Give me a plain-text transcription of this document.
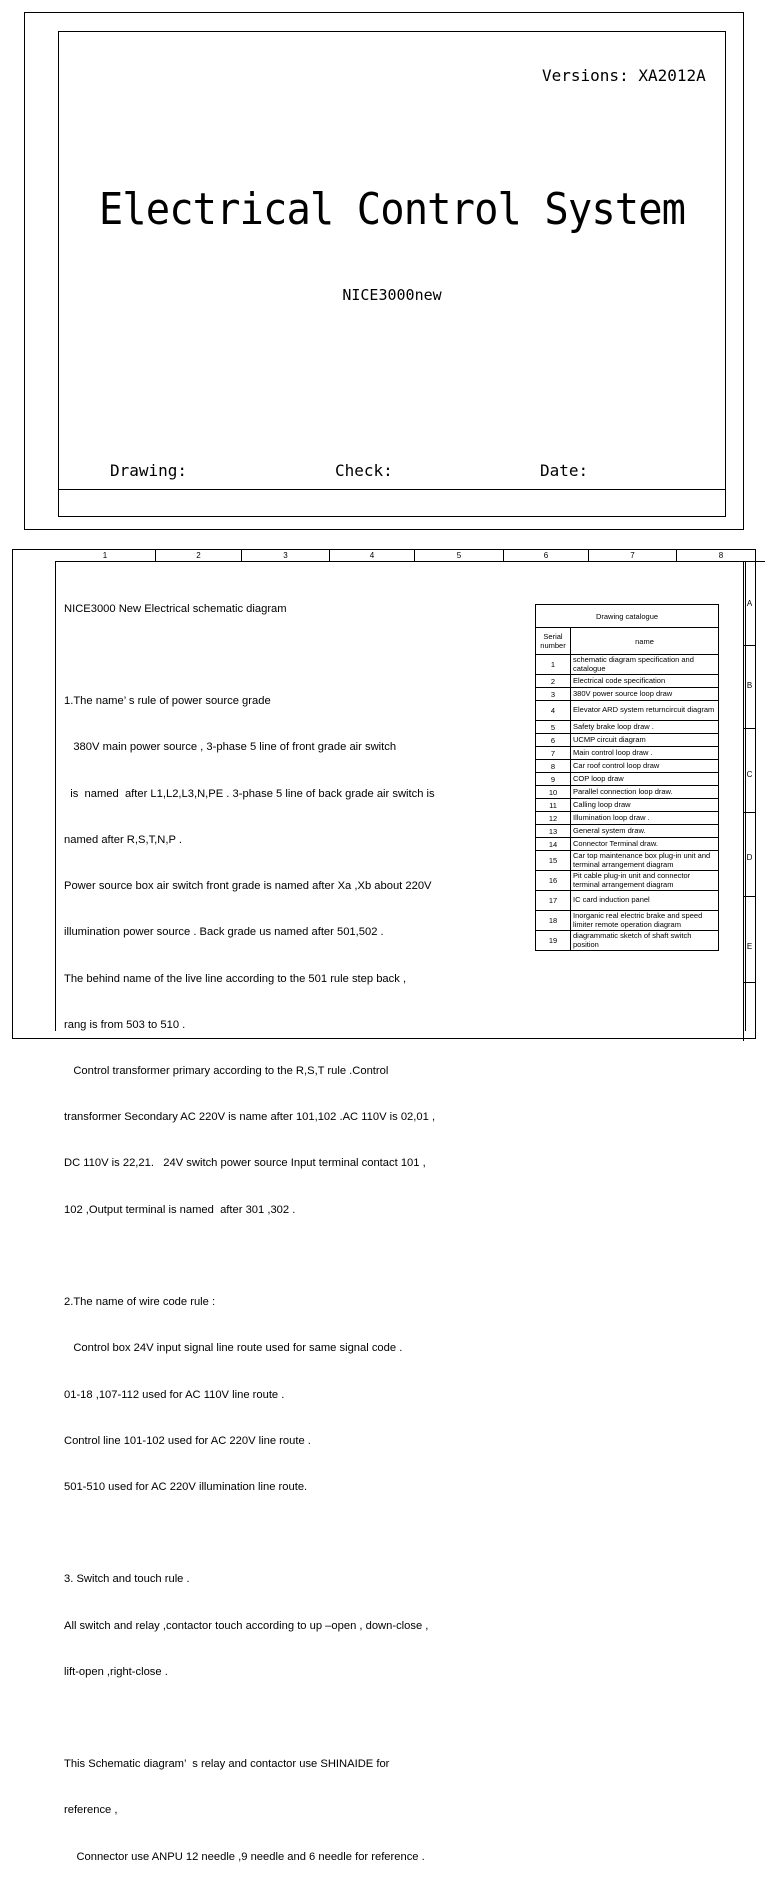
Versions: XA2012A
Electrical Control System
NICE3000new
Drawing:	Check:	Date:
1	2	3	4	5	6	7	8
A
B
C
D
E

NICE3000 New Electrical schematic diagram

1.The name’ s rule of power source grade

380V main power source , 3-phase 5 line of front grade air switch

is  named  after L1,L2,L3,N,PE . 3-phase 5 line of back grade air switch is

named after R,S,T,N,P .

Power source box air switch front grade is named after Xa ,Xb about 220V

illumination power source . Back grade us named after 501,502 .

The behind name of the live line according to the 501 rule step back ,

rang is from 503 to 510 .

Control transformer primary according to the R,S,T rule .Control

transformer Secondary AC 220V is name after 101,102 .AC 110V is 02,01 ,

DC 110V is 22,21.   24V switch power source Input terminal contact 101 ,

102 ,Output terminal is named  after 301 ,302 .

2.The name of wire code rule :

Control box 24V input signal line route used for same signal code .

01-18 ,107-112 used for AC 110V line route .

Control line 101-102 used for AC 220V line route .

501-510 used for AC 220V illumination line route.

3. Switch and touch rule .

All switch and relay ,contactor touch according to up –open , down-close ,

lift-open ,right-close .

This Schematic diagram’  s relay and contactor use SHINAIDE for

reference ,

Connector use ANPU 12 needle ,9 needle and 6 needle for reference .

Drawing catalogue	
Serial number	name
1	schematic diagram specification and catalogue
2	Electrical code specification
3	380V power source loop draw
4	Elevator ARD system returncircuit diagram
5	Safety brake loop draw .
6	UCMP circuit diagram
7	Main control loop draw .
8	Car roof control loop draw
9	COP loop draw
10	Parallel connection loop draw.
11	Calling loop draw
12	Illumination loop draw .
13	General system draw.
14	Connector Terminal draw.
15	Car top maintenance box plug-in unit and terminal arrangement diagram
16	Pit cable plug-in unit and connector terminal arrangement diagram
17	IC card induction panel
18	Inorganic real electric brake and speed limiter remote operation diagram
19	diagrammatic sketch of shaft switch position
